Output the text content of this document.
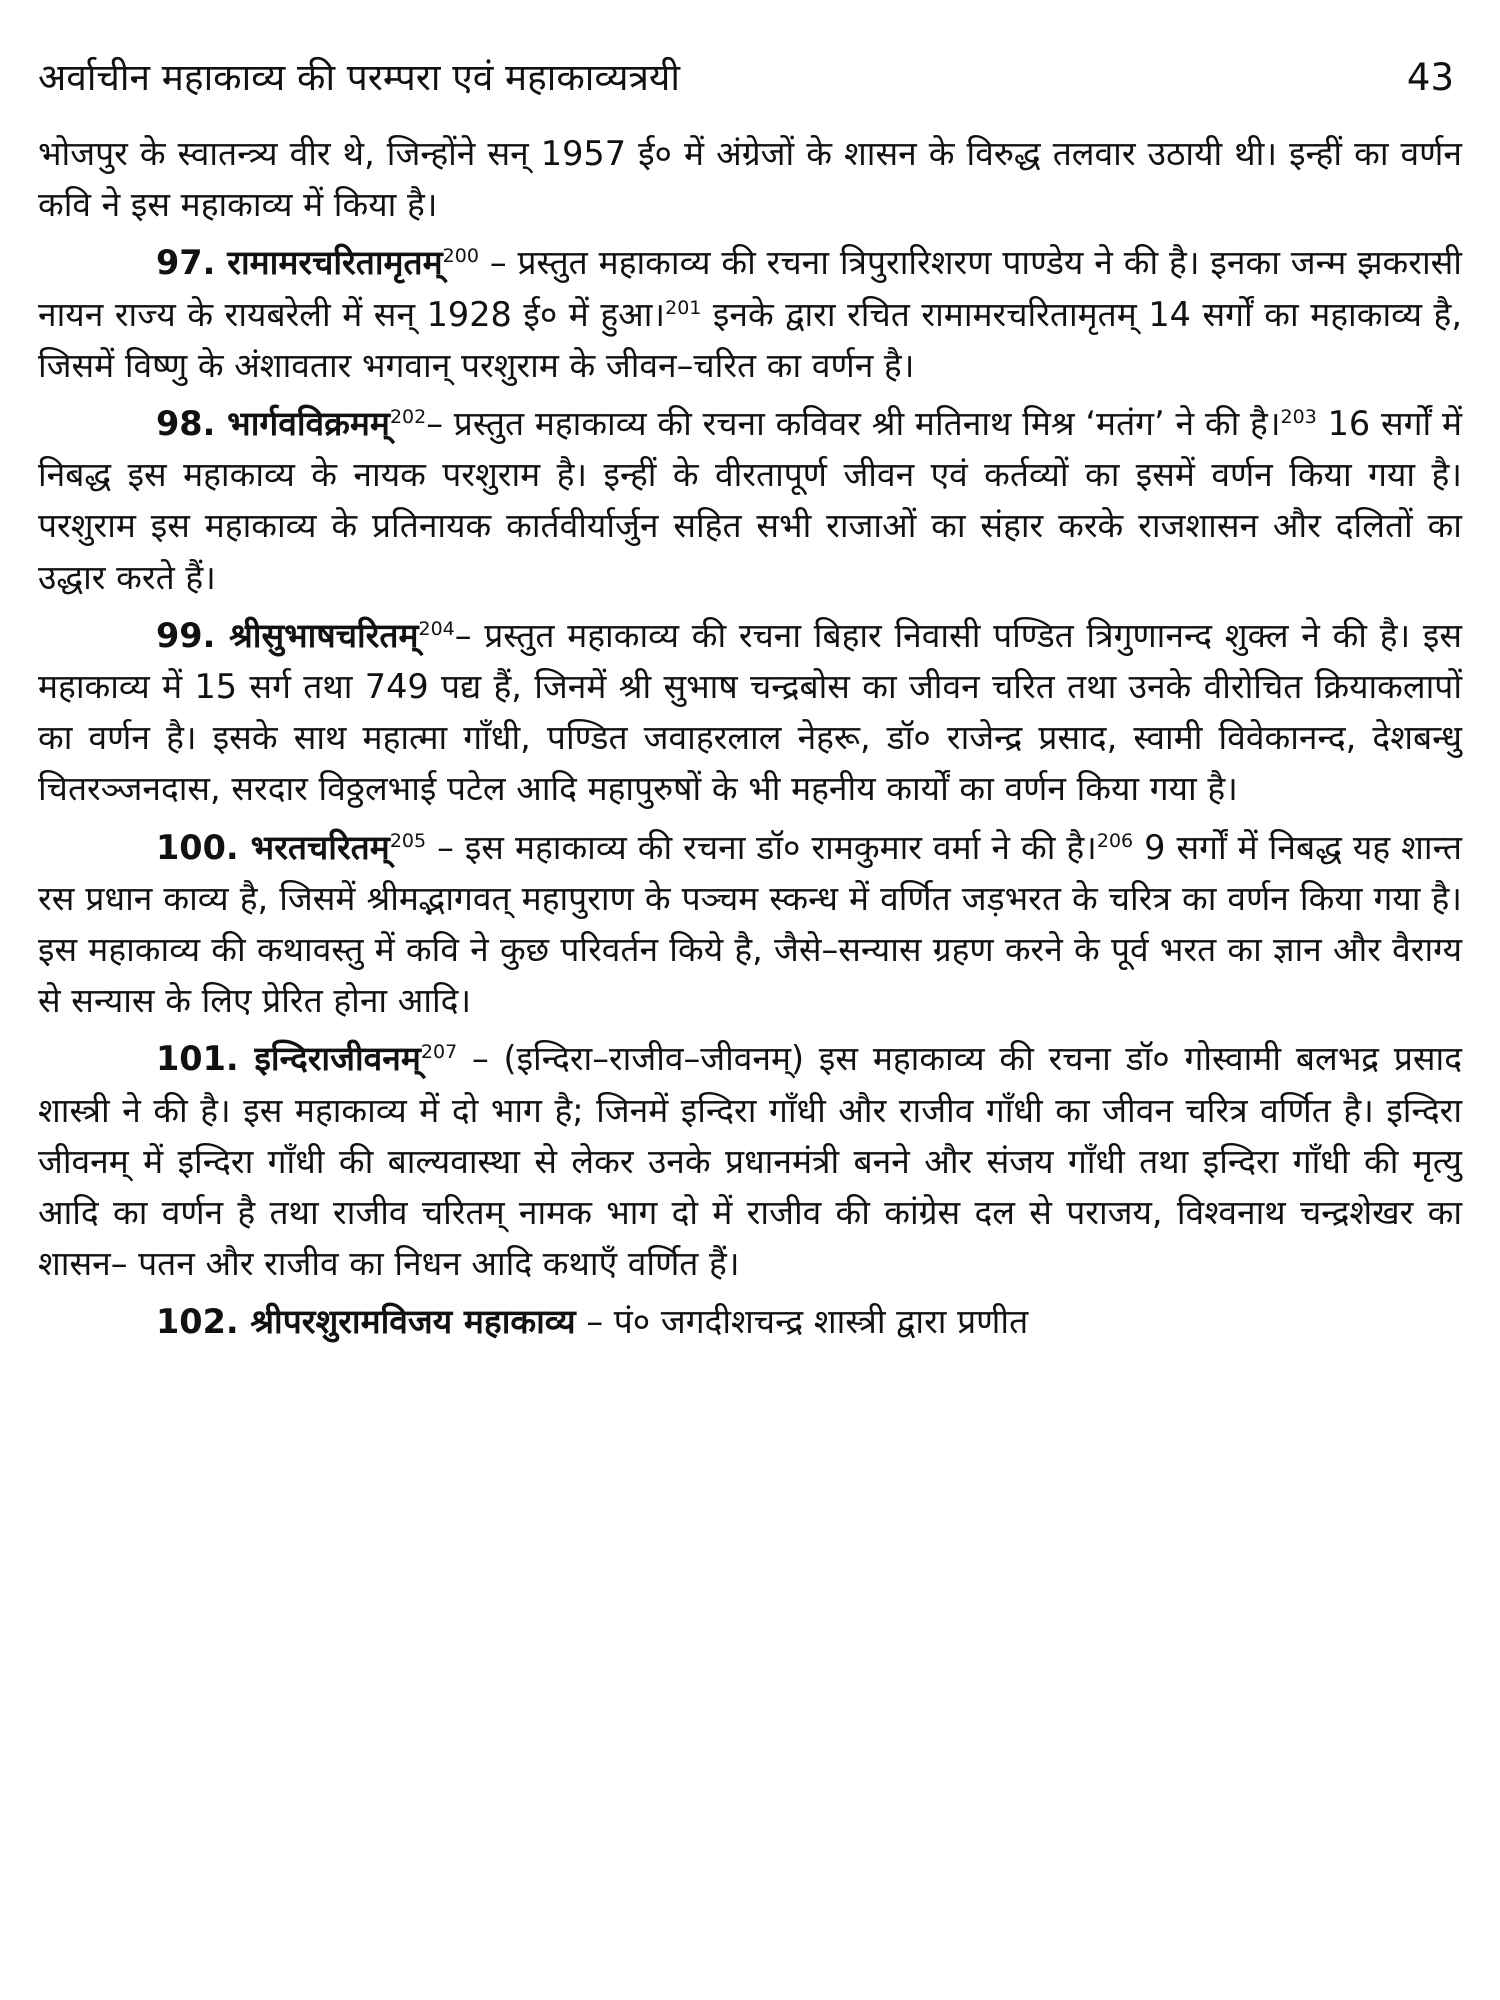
अर्वाचीन महाकाव्य की परम्परा एवं महाकाव्यत्रयी	43

भोजपुर के स्वातन्त्र्य वीर थे, जिन्होंने सन् 1957 ई० में अंग्रेजों के शासन के विरुद्ध तलवार उठायी थी। इन्हीं का वर्णन कवि ने इस महाकाव्य में किया है।

97. रामामरचरितामृतम्$^{200}$ – प्रस्तुत महाकाव्य की रचना त्रिपुरारिशरण पाण्डेय ने की है। इनका जन्म झकरासी नायन राज्य के रायबरेली में सन् 1928 ई० में हुआ।$^{201}$ इनके द्वारा रचित रामामरचरितामृतम् 14 सर्गों का महाकाव्य है, जिसमें विष्णु के अंशावतार भगवान् परशुराम के जीवन–चरित का वर्णन है।

98. भार्गवविक्रमम्$^{202}$– प्रस्तुत महाकाव्य की रचना कविवर श्री मतिनाथ मिश्र ‘मतंग’ ने की है।$^{203}$ 16 सर्गों में निबद्ध इस महाकाव्य के नायक परशुराम है। इन्हीं के वीरतापूर्ण जीवन एवं कर्तव्यों का इसमें वर्णन किया गया है। परशुराम इस महाकाव्य के प्रतिनायक कार्तवीर्यार्जुन सहित सभी राजाओं का संहार करके राजशासन और दलितों का उद्धार करते हैं।

99. श्रीसुभाषचरितम्$^{204}$– प्रस्तुत महाकाव्य की रचना बिहार निवासी पण्डित त्रिगुणानन्द शुक्ल ने की है। इस महाकाव्य में 15 सर्ग तथा 749 पद्य हैं, जिनमें श्री सुभाष चन्द्रबोस का जीवन चरित तथा उनके वीरोचित क्रियाकलापों का वर्णन है। इसके साथ महात्मा गाँधी, पण्डित जवाहरलाल नेहरू, डॉ० राजेन्द्र प्रसाद, स्वामी विवेकानन्द, देशबन्धु चितरञ्जनदास, सरदार विठ्ठलभाई पटेल आदि महापुरुषों के भी महनीय कार्यों का वर्णन किया गया है।

100. भरतचरितम्$^{205}$ – इस महाकाव्य की रचना डॉ० रामकुमार वर्मा ने की है।$^{206}$ 9 सर्गों में निबद्ध यह शान्त रस प्रधान काव्य है, जिसमें श्रीमद्भागवत् महापुराण के पञ्चम स्कन्ध में वर्णित जड़भरत के चरित्र का वर्णन किया गया है। इस महाकाव्य की कथावस्तु में कवि ने कुछ परिवर्तन किये है, जैसे–सन्यास ग्रहण करने के पूर्व भरत का ज्ञान और वैराग्य से सन्यास के लिए प्रेरित होना आदि।

101. इन्दिराजीवनम्$^{207}$ – (इन्दिरा–राजीव–जीवनम्) इस महाकाव्य की रचना डॉ० गोस्वामी बलभद्र प्रसाद शास्त्री ने की है। इस महाकाव्य में दो भाग है; जिनमें इन्दिरा गाँधी और राजीव गाँधी का जीवन चरित्र वर्णित है। इन्दिरा जीवनम् में इन्दिरा गाँधी की बाल्यवास्था से लेकर उनके प्रधानमंत्री बनने और संजय गाँधी तथा इन्दिरा गाँधी की मृत्यु आदि का वर्णन है तथा राजीव चरितम् नामक भाग दो में राजीव की कांग्रेस दल से पराजय, विश्वनाथ चन्द्रशेखर का शासन– पतन और राजीव का निधन आदि कथाएँ वर्णित हैं।

102. श्रीपरशुरामविजय महाकाव्य – पं० जगदीशचन्द्र शास्त्री द्वारा प्रणीत
